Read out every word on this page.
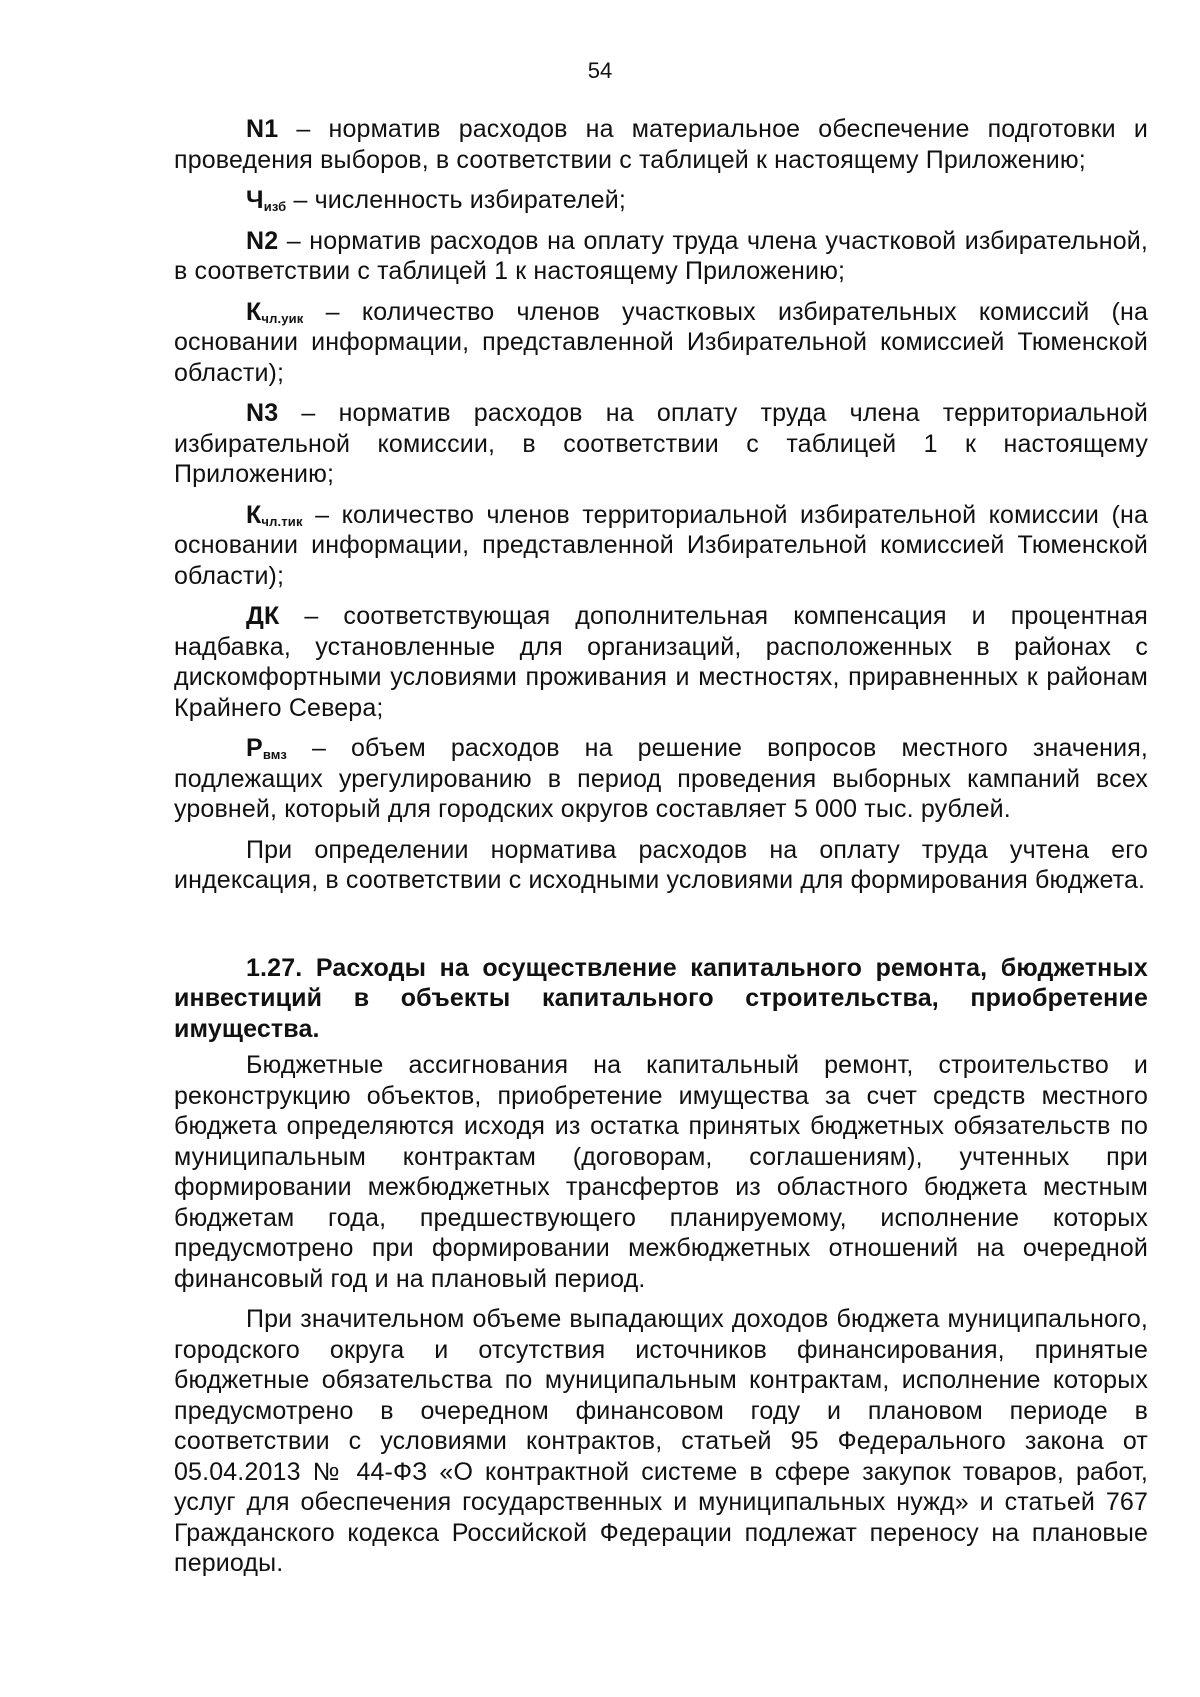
54

N1 – норматив расходов на материальное обеспечение подготовки и проведения выборов, в соответствии с таблицей к настоящему Приложению;

$Ч_{изб}$ – численность избирателей;

N2 – норматив расходов на оплату труда члена участковой избирательной, в соответствии с таблицей 1 к настоящему Приложению;

$К_{чл.уик}$ – количество членов участковых избирательных комиссий (на основании информации, представленной Избирательной комиссией Тюменской области);

N3 – норматив расходов на оплату труда члена территориальной избирательной комиссии, в соответствии с таблицей 1 к настоящему Приложению;

$К_{чл.тик}$ – количество членов территориальной избирательной комиссии (на основании информации, представленной Избирательной комиссией Тюменской области);

ДК – соответствующая дополнительная компенсация и процентная надбавка, установленные для организаций, расположенных в районах с дискомфортными условиями проживания и местностях, приравненных к районам Крайнего Севера;

$Р_{вмз}$ – объем расходов на решение вопросов местного значения, подлежащих урегулированию в период проведения выборных кампаний всех уровней, который для городских округов составляет 5 000 тыс. рублей.

При определении норматива расходов на оплату труда учтена его индексация, в соответствии с исходными условиями для формирования бюджета.

1.27. Расходы на осуществление капитального ремонта, бюджетных инвестиций в объекты капитального строительства, приобретение имущества.

Бюджетные ассигнования на капитальный ремонт, строительство и реконструкцию объектов, приобретение имущества за счет средств местного бюджета определяются исходя из остатка принятых бюджетных обязательств по муниципальным контрактам (договорам, соглашениям), учтенных при формировании межбюджетных трансфертов из областного бюджета местным бюджетам года, предшествующего планируемому, исполнение которых предусмотрено при формировании межбюджетных отношений на очередной финансовый год и на плановый период.

При значительном объеме выпадающих доходов бюджета муниципального, городского округа и отсутствия источников финансирования, принятые бюджетные обязательства по муниципальным контрактам, исполнение которых предусмотрено в очередном финансовом году и плановом периоде в соответствии с условиями контрактов, статьей 95 Федерального закона от 05.04.2013 № 44-ФЗ «О контрактной системе в сфере закупок товаров, работ, услуг для обеспечения государственных и муниципальных нужд» и статьей 767 Гражданского кодекса Российской Федерации подлежат переносу на плановые периоды.
